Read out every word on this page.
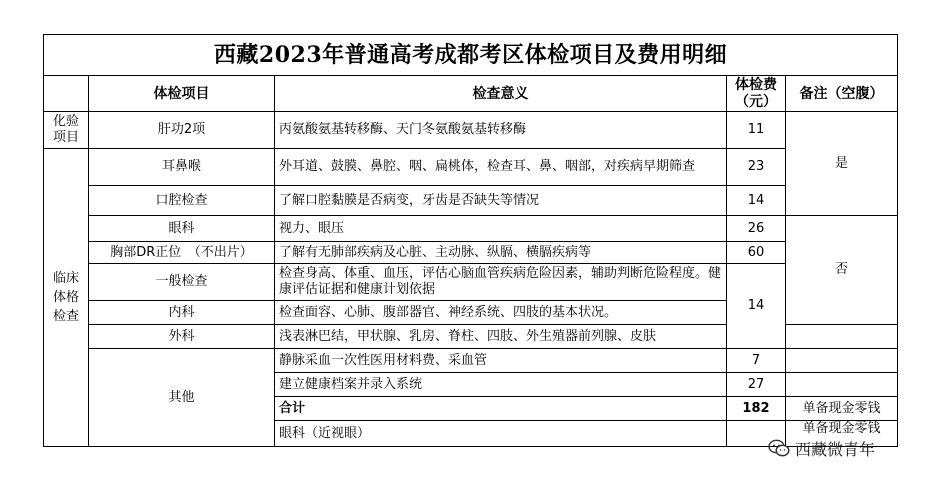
西藏2023年普通高考成都考区体检项目及费用明细				
	体检项目	检查意义	体检费（元）	备注（空腹）
化验项目	肝功2项	丙氨酸氨基转移酶、天门冬氨酸氨基转移酶	11	是
临床体格检查	耳鼻喉	外耳道、鼓膜、鼻腔、咽、扁桃体，检查耳、鼻、咽部，对疾病早期筛查	23	
	口腔检查	了解口腔黏膜是否病变，牙齿是否缺失等情况	14	
	眼科	视力、眼压	26	否
	胸部DR正位　（不出片）	了解有无肺部疾病及心脏、主动脉、纵膈、横膈疾病等	60	
	一般检查	检查身高、体重、血压，评估心脑血管疾病危险因素，辅助判断危险程度。健康评估证据和健康计划依据	14	
	内科	检查面容、心肺、腹部器官、神经系统、四肢的基本状况。		
	外科	浅表淋巴结，甲状腺、乳房、脊柱、四肢、外生殖器前列腺、皮肤		
	其他	静脉采血一次性医用材料费、采血管	7	
		建立健康档案并录入系统	27	
		合计	182	单备现金零钱
		眼科（近视眼）		单备现金零钱
西藏微青年
